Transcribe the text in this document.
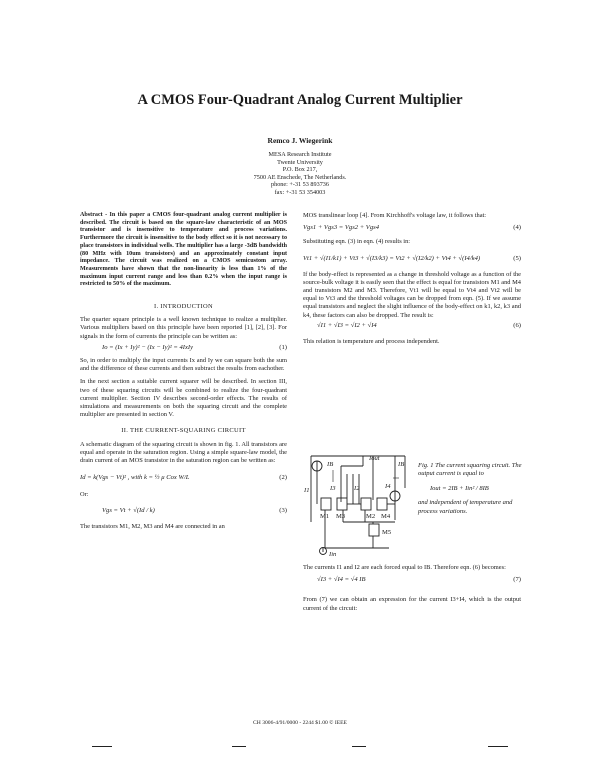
A CMOS Four-Quadrant Analog Current Multiplier
Remco J. Wiegerink
MESA Research Institute
Twente University
P.O. Box 217,
7500 AE Enschede, The Netherlands.
phone: +-31 53 893736
fax: +-31 53 354003
Abstract - In this paper a CMOS four-quadrant analog current multiplier is described. The circuit is based on the square-law characteristic of an MOS transistor and is insensitive to temperature and process variations. Furthermore the circuit is insensitive to the body effect so it is not necessary to place transistors in individual wells. The multiplier has a large -3dB bandwidth (80 MHz with 10um transistors) and an approximately constant input impedance. The circuit was realized on a CMOS semicustom array. Measurements have shown that the non-linearity is less than 1% of the maximum input current range and less than 0.2% when the input range is restricted to 50% of the maximum.
I. INTRODUCTION
The quarter square principle is a well known technique to realize a multiplier. Various multipliers based on this principle have been reported [1], [2], [3]. For signals in the form of currents the principle can be written as:
Io = (Ix + Iy)² − (Ix − Iy)² = 4IxIy	(1)
So, in order to multiply the input currents Ix and Iy we can square both the sum and the difference of these currents and then subtract the results from eachother.
In the next section a suitable current squarer will be described. In section III, two of these squaring circuits will be combined to realize the four-quadrant current multiplier. Section IV describes second-order effects. The results of simulations and measurements on both the squaring circuit and the complete multiplier are presented in section V.
II. THE CURRENT-SQUARING CIRCUIT
A schematic diagram of the squaring circuit is shown in fig. 1. All transistors are equal and operate in the saturation region. Using a simple square-law model, the drain current of an MOS transistor in the saturation region can be written as:
Id = k(Vgs − Vt)² , with k = ½ μ Cox W/L	(2)
Or:
Vgs = Vt + √(Id / k)	(3)
The transistors M1, M2, M3 and M4 are connected in an
MOS translinear loop [4]. From Kirchhoff's voltage law, it follows that:
Vgs1 + Vgs3 = Vgs2 + Vgs4	(4)
Substituting eqn. (3) in eqn. (4) results in:
Vt1 + √(I1/k1) + Vt3 + √(I3/k3) = Vt2 + √(I2/k2) + Vt4 + √(I4/k4)	(5)
If the body-effect is represented as a change in threshold voltage as a function of the source-bulk voltage it is easily seen that the effect is equal for transistors M1 and M4 and transistors M2 and M3. Therefore, Vt1 will be equal to Vt4 and Vt2 will be equal to Vt3 and the threshold voltages can be dropped from eqn. (5). If we assume equal transistors and neglect the slight influence of the body-effect on k1, k2, k3 and k4, these factors can also be dropped. The result is:
√I1 + √I3 = √I2 + √I4	(6)
This relation is temperature and process independent.
Iout
IB	IB
I1	I2
I3	I4
Iin
M1 M3	M2 M4
M5
Fig. 1 The current squaring circuit. The output current is equal to
Iout = 2IB + Iin² / 8IB
and independent of temperature and process variations.
The currents I1 and I2 are each forced equal to IB. Therefore eqn. (6) becomes:
√I3 + √I4 = √4 IB	(7)
From (7) we can obtain an expression for the current I3+I4, which is the output current of the circuit:
CH 3006-4/91/0000 - 2244 $1.00 © IEEE
